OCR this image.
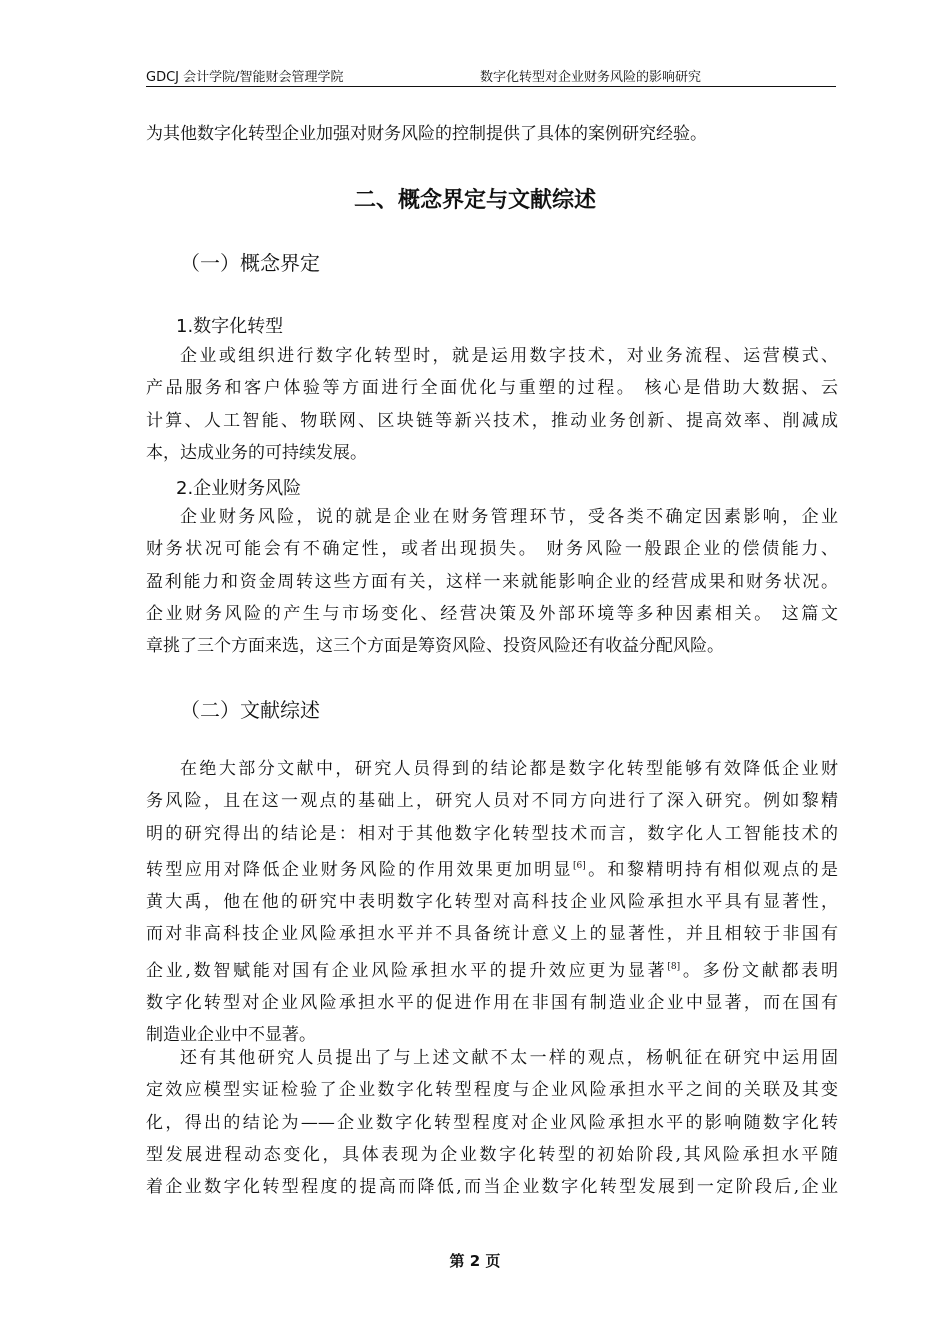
GDCJ 会计学院/智能财会管理学院	数字化转型对企业财务风险的影响研究
为其他数字化转型企业加强对财务风险的控制提供了具体的案例研究经验。
二、概念界定与文献综述
（一）概念界定
1.数字化转型
企业或组织进行数字化转型时，就是运用数字技术，对业务流程、运营模式、
产品服务和客户体验等方面进行全面优化与重塑的过程。 核心是借助大数据、云
计算、人工智能、物联网、区块链等新兴技术，推动业务创新、提高效率、削减成
本，达成业务的可持续发展。
2.企业财务风险
企业财务风险，说的就是企业在财务管理环节，受各类不确定因素影响，企业
财务状况可能会有不确定性，或者出现损失。 财务风险一般跟企业的偿债能力、
盈利能力和资金周转这些方面有关，这样一来就能影响企业的经营成果和财务状况。
企业财务风险的产生与市场变化、经营决策及外部环境等多种因素相关。 这篇文
章挑了三个方面来选，这三个方面是筹资风险、投资风险还有收益分配风险。
（二）文献综述
在绝大部分文献中，研究人员得到的结论都是数字化转型能够有效降低企业财
务风险，且在这一观点的基础上，研究人员对不同方向进行了深入研究。例如黎精
明的研究得出的结论是：相对于其他数字化转型技术而言，数字化人工智能技术的
转型应用对降低企业财务风险的作用效果更加明显[6]。和黎精明持有相似观点的是
黄大禹，他在他的研究中表明数字化转型对高科技企业风险承担水平具有显著性，
而对非高科技企业风险承担水平并不具备统计意义上的显著性，并且相较于非国有
企业,数智赋能对国有企业风险承担水平的提升效应更为显著[8]。多份文献都表明
数字化转型对企业风险承担水平的促进作用在非国有制造业企业中显著，而在国有
制造业企业中不显著。
还有其他研究人员提出了与上述文献不太一样的观点，杨帆征在研究中运用固
定效应模型实证检验了企业数字化转型程度与企业风险承担水平之间的关联及其变
化，得出的结论为——企业数字化转型程度对企业风险承担水平的影响随数字化转
型发展进程动态变化，具体表现为企业数字化转型的初始阶段,其风险承担水平随
着企业数字化转型程度的提高而降低,而当企业数字化转型发展到一定阶段后,企业
第 2 页
